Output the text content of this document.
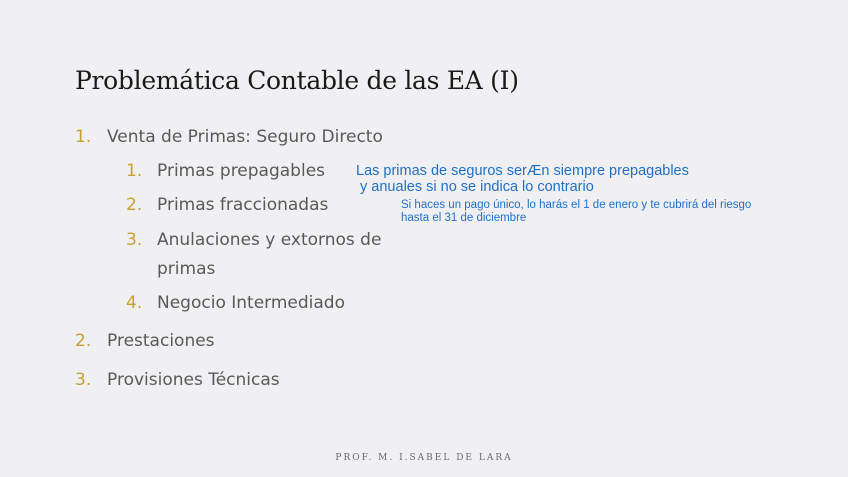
Problemática Contable de las EA (I)
1. Venta de Primas: Seguro Directo
1. Primas prepagables
2. Primas fraccionadas
3. Anulaciones y extornos de
primas
4. Negocio Intermediado
2. Prestaciones
3. Provisiones Técnicas
Las primas de seguros serÆn siempre prepagables
y anuales si no se indica lo contrario
Si haces un pago único, lo harás el 1 de enero y te cubrirá del riesgo
hasta el 31 de diciembre
PROF. M. I.SABEL DE LARA
